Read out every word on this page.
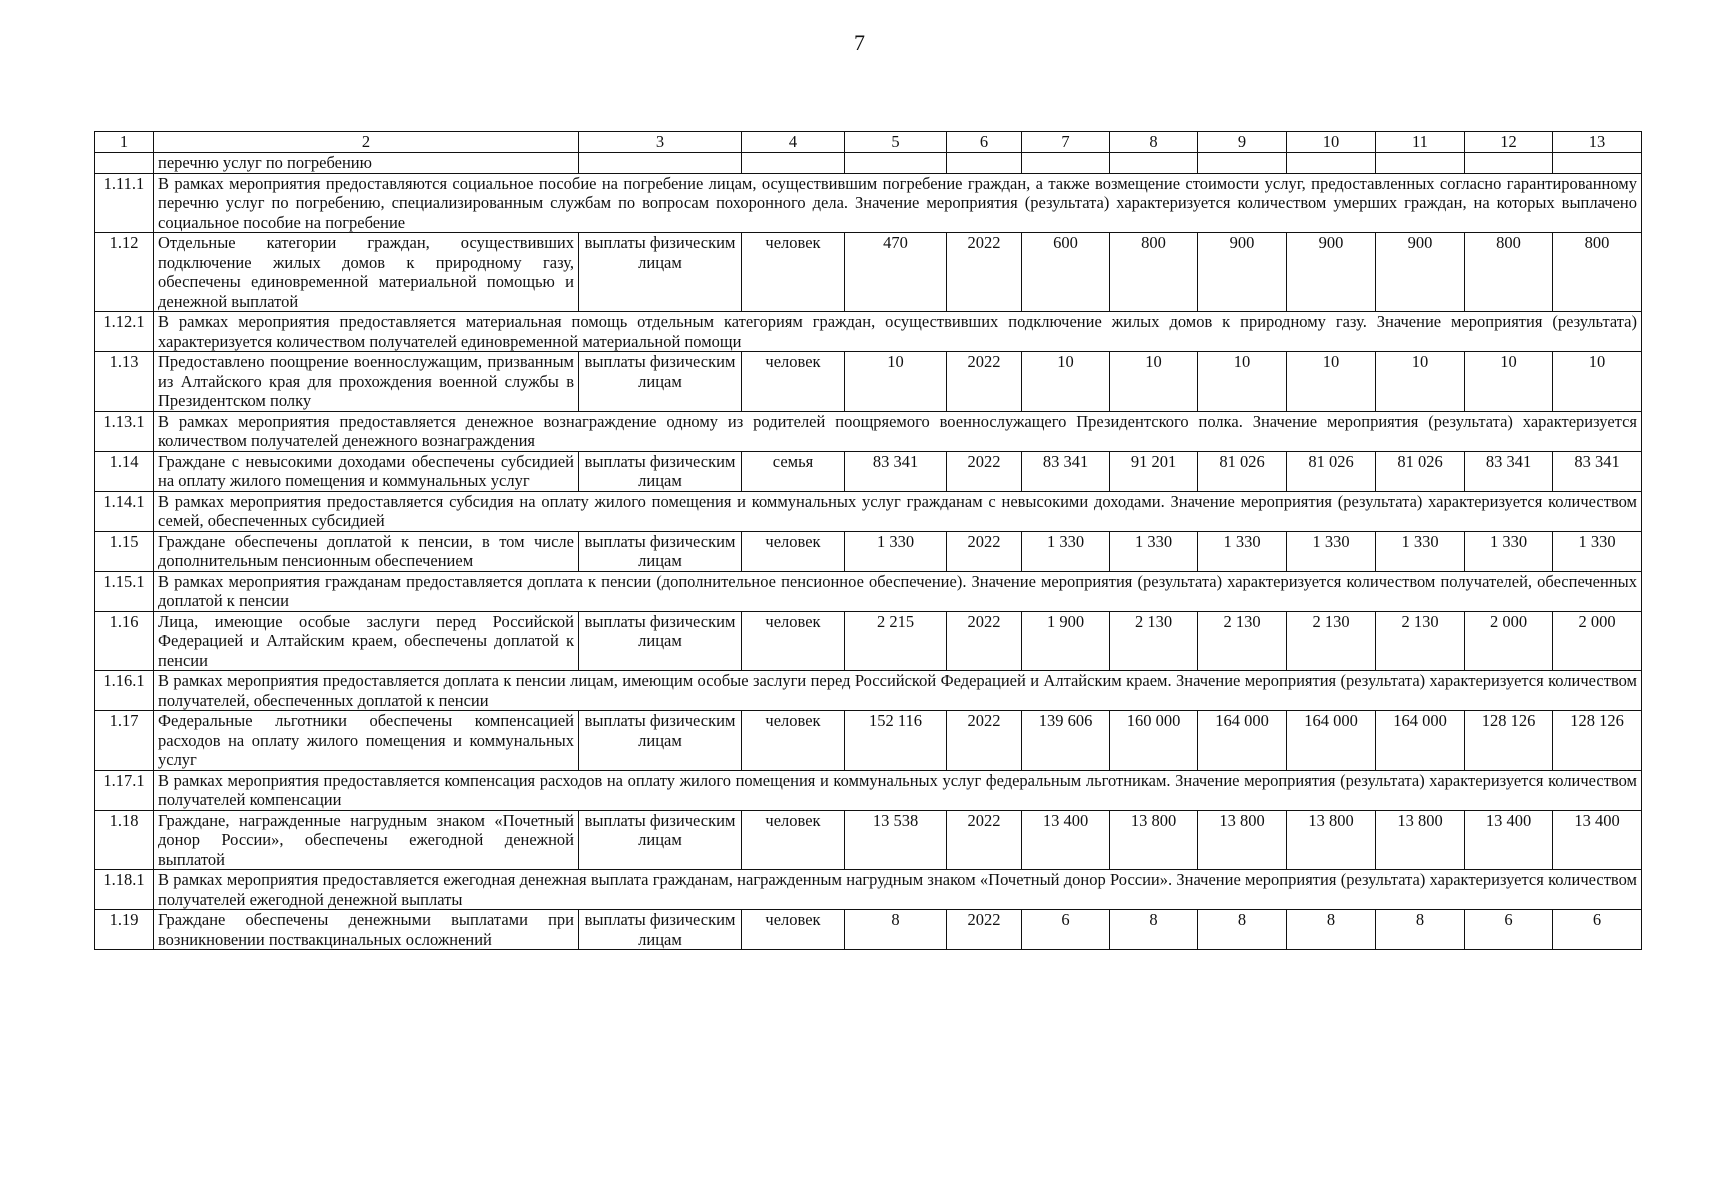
7
1	2	3	4	5	6	7	8	9	10	11	12	13
	перечню услуг по погребению											
1.11.1	В рамках мероприятия предоставляются социальное пособие на погребение лицам, осуществившим погребение граждан, а также возмещение стоимости услуг, предоставленных согласно гарантированному перечню услуг по погребению, специализированным службам по вопросам похоронного дела. Значение мероприятия (результата) характеризуется количеством умерших граждан, на которых выплачено социальное пособие на погребение											
1.12	Отдельные категории граждан, осуществивших подключение жилых домов к природному газу, обеспечены единовременной материальной помощью и денежной выплатой	выплаты физическим лицам	человек	470	2022	600	800	900	900	900	800	800
1.12.1	В рамках мероприятия предоставляется материальная помощь отдельным категориям граждан, осуществивших подключение жилых домов к природному газу. Значение мероприятия (результата) характеризуется количеством получателей единовременной материальной помощи											
1.13	Предоставлено поощрение военнослужащим, призванным из Алтайского края для прохождения военной службы в Президентском полку	выплаты физическим лицам	человек	10	2022	10	10	10	10	10	10	10
1.13.1	В рамках мероприятия предоставляется денежное вознаграждение одному из родителей поощряемого военнослужащего Президентского полка. Значение мероприятия (результата) характеризуется количеством получателей денежного вознаграждения											
1.14	Граждане с невысокими доходами обеспечены субсидией на оплату жилого помещения и коммунальных услуг	выплаты физическим лицам	семья	83 341	2022	83 341	91 201	81 026	81 026	81 026	83 341	83 341
1.14.1	В рамках мероприятия предоставляется субсидия на оплату жилого помещения и коммунальных услуг гражданам с невысокими доходами. Значение мероприятия (результата) характеризуется количеством семей, обеспеченных субсидией											
1.15	Граждане обеспечены доплатой к пенсии, в том числе дополнительным пенсионным обеспечением	выплаты физическим лицам	человек	1 330	2022	1 330	1 330	1 330	1 330	1 330	1 330	1 330
1.15.1	В рамках мероприятия гражданам предоставляется доплата к пенсии (дополнительное пенсионное обеспечение). Значение мероприятия (результата) характеризуется количеством получателей, обеспеченных доплатой к пенсии											
1.16	Лица, имеющие особые заслуги перед Российской Федерацией и Алтайским краем, обеспечены доплатой к пенсии	выплаты физическим лицам	человек	2 215	2022	1 900	2 130	2 130	2 130	2 130	2 000	2 000
1.16.1	В рамках мероприятия предоставляется доплата к пенсии лицам, имеющим особые заслуги перед Российской Федерацией и Алтайским краем. Значение мероприятия (результата) характеризуется количеством получателей, обеспеченных доплатой к пенсии											
1.17	Федеральные льготники обеспечены компенсацией расходов на оплату жилого помещения и коммунальных услуг	выплаты физическим лицам	человек	152 116	2022	139 606	160 000	164 000	164 000	164 000	128 126	128 126
1.17.1	В рамках мероприятия предоставляется компенсация расходов на оплату жилого помещения и коммунальных услуг федеральным льготникам. Значение мероприятия (результата) характеризуется количеством получателей компенсации											
1.18	Граждане, награжденные нагрудным знаком «Почетный донор России», обеспечены ежегодной денежной выплатой	выплаты физическим лицам	человек	13 538	2022	13 400	13 800	13 800	13 800	13 800	13 400	13 400
1.18.1	В рамках мероприятия предоставляется ежегодная денежная выплата гражданам, награжденным нагрудным знаком «Почетный донор России». Значение мероприятия (результата) характеризуется количеством получателей ежегодной денежной выплаты											
1.19	Граждане обеспечены денежными выплатами при возникновении поствакцинальных осложнений	выплаты физическим лицам	человек	8	2022	6	8	8	8	8	6	6
